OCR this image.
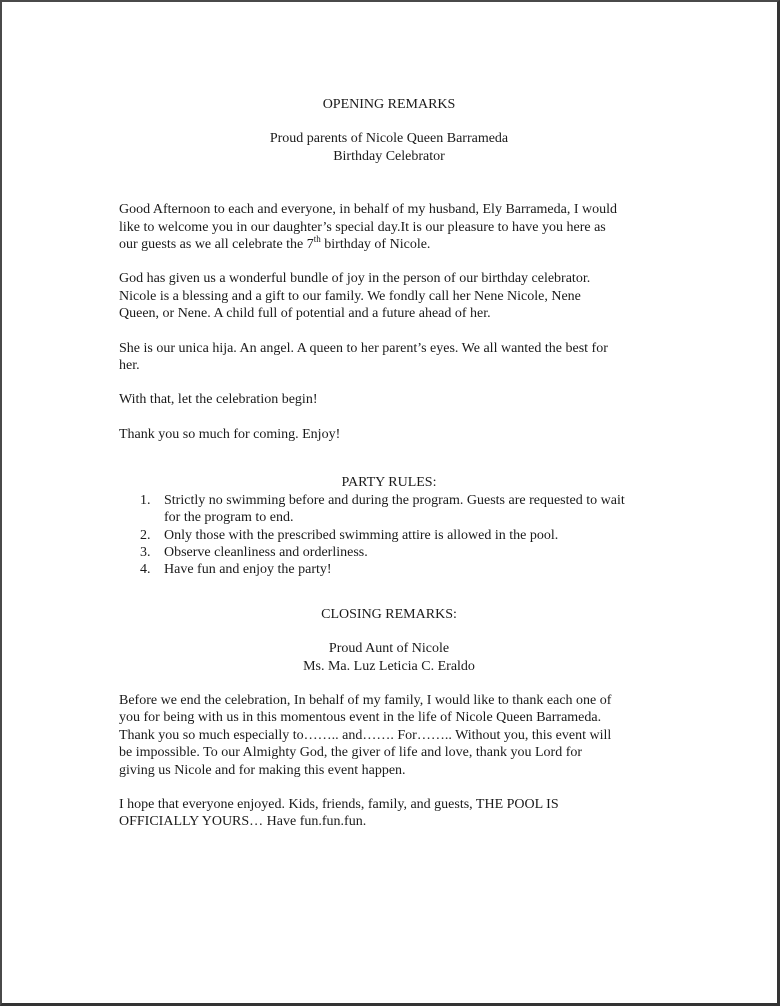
OPENING REMARKS
Proud parents of Nicole Queen Barrameda
Birthday Celebrator
Good Afternoon to each and everyone, in behalf of my husband, Ely Barrameda, I would
like to welcome you in our daughter’s special day.It is our pleasure to have you here as
our guests as we all celebrate the 7th birthday of Nicole.
God has given us a wonderful bundle of joy in the person of our birthday celebrator.
Nicole is a blessing and a gift to our family. We fondly call her Nene Nicole, Nene
Queen, or Nene. A child full of potential and a future ahead of her.
She is our unica hija. An angel. A queen to her parent’s eyes. We all wanted the best for
her.
With that, let the celebration begin!
Thank you so much for coming. Enjoy!
PARTY RULES:
1. Strictly no swimming before and during the program. Guests are requested to wait
for the program to end.
2. Only those with the prescribed swimming attire is allowed in the pool.
3. Observe cleanliness and orderliness.
4. Have fun and enjoy the party!
CLOSING REMARKS:
Proud Aunt of Nicole
Ms. Ma. Luz Leticia C. Eraldo
Before we end the celebration, In behalf of my family, I would like to thank each one of
you for being with us in this momentous event in the life of Nicole Queen Barrameda.
Thank you so much especially to…….. and……. For…….. Without you, this event will
be impossible. To our Almighty God, the giver of life and love, thank you Lord for
giving us Nicole and for making this event happen.
I hope that everyone enjoyed. Kids, friends, family, and guests, THE POOL IS
OFFICIALLY YOURS… Have fun.fun.fun.
